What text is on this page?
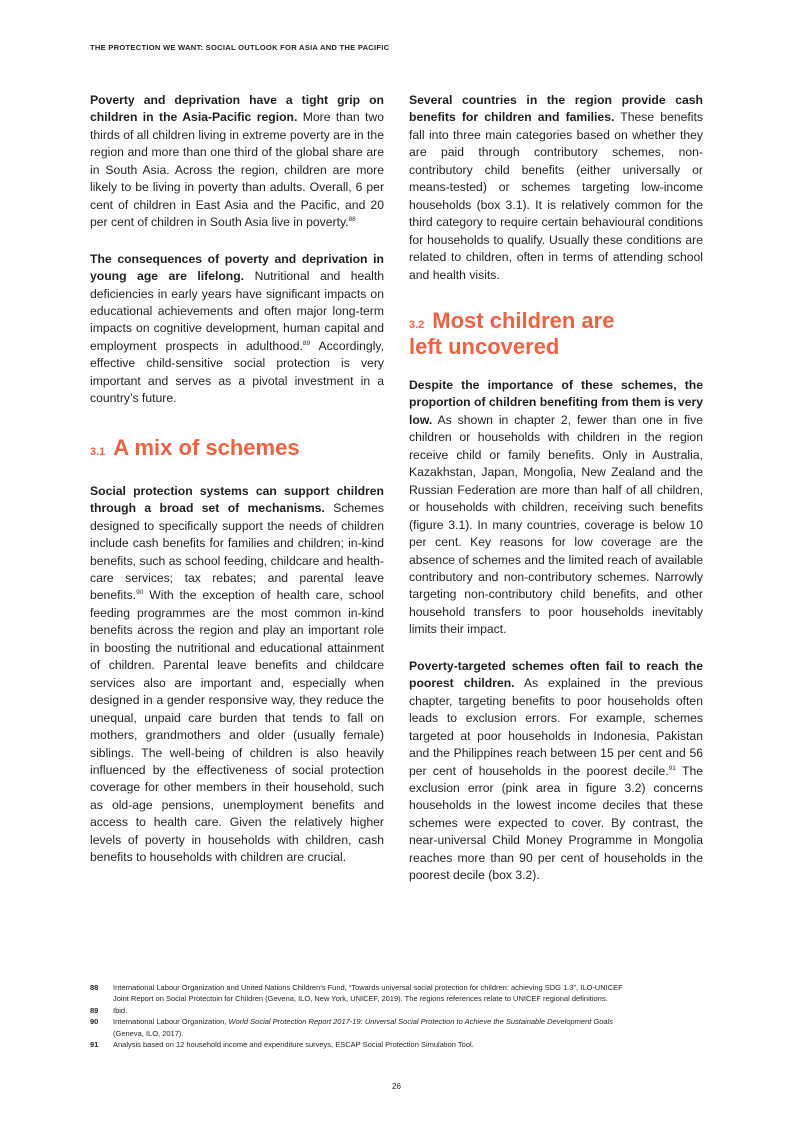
THE PROTECTION WE WANT: SOCIAL OUTLOOK FOR ASIA AND THE PACIFIC

Poverty and deprivation have a tight grip on children in the Asia-Pacific region. More than two thirds of all children living in extreme poverty are in the region and more than one third of the global share are in South Asia. Across the region, children are more likely to be living in poverty than adults. Overall, 6 per cent of children in East Asia and the Pacific, and 20 per cent of children in South Asia live in poverty.$^{88}$

The consequences of poverty and deprivation in young age are lifelong. Nutritional and health deficiencies in early years have significant impacts on educational achievements and often major long-term impacts on cognitive development, human capital and employment prospects in adulthood.$^{89}$ Accordingly, effective child-sensitive social protection is very important and serves as a pivotal investment in a country’s future.

3.1 A mix of schemes

Social protection systems can support children through a broad set of mechanisms. Schemes designed to specifically support the needs of children include cash benefits for families and children; in-kind benefits, such as school feeding, childcare and health-care services; tax rebates; and parental leave benefits.$^{90}$ With the exception of health care, school feeding programmes are the most common in-kind benefits across the region and play an important role in boosting the nutritional and educational attainment of children. Parental leave benefits and childcare services also are important and, especially when designed in a gender responsive way, they reduce the unequal, unpaid care burden that tends to fall on mothers, grandmothers and older (usually female) siblings. The well-being of children is also heavily influenced by the effectiveness of social protection coverage for other members in their household, such as old-age pensions, unemployment benefits and access to health care. Given the relatively higher levels of poverty in households with children, cash benefits to households with children are crucial.

Several countries in the region provide cash benefits for children and families. These benefits fall into three main categories based on whether they are paid through contributory schemes, non-contributory child benefits (either universally or means-tested) or schemes targeting low-income households (box 3.1). It is relatively common for the third category to require certain behavioural conditions for households to qualify. Usually these conditions are related to children, often in terms of attending school and health visits.

3.2 Most children are
left uncovered

Despite the importance of these schemes, the proportion of children benefiting from them is very low. As shown in chapter 2, fewer than one in five children or households with children in the region receive child or family benefits. Only in Australia, Kazakhstan, Japan, Mongolia, New Zealand and the Russian Federation are more than half of all children, or households with children, receiving such benefits (figure 3.1). In many countries, coverage is below 10 per cent. Key reasons for low coverage are the absence of schemes and the limited reach of available contributory and non-contributory schemes. Narrowly targeting non-contributory child benefits, and other household transfers to poor households inevitably limits their impact.

Poverty-targeted schemes often fail to reach the poorest children. As explained in the previous chapter, targeting benefits to poor households often leads to exclusion errors. For example, schemes targeted at poor households in Indonesia, Pakistan and the Philippines reach between 15 per cent and 56 per cent of households in the poorest decile.$^{91}$ The exclusion error (pink area in figure 3.2) concerns households in the lowest income deciles that these schemes were expected to cover. By contrast, the near-universal Child Money Programme in Mongolia reaches more than 90 per cent of households in the poorest decile (box 3.2).

88	International Labour Organization and United Nations Children’s Fund, “Towards universal social protection for children: achieving SDG 1.3”, ILO-UNICEF
Joint Report on Social Protectoin for Children (Gevena, ILO, New York, UNICEF, 2019). The regions references relate to UNICEF regional definitions.
89	Ibid.
90	International Labour Organization, World Social Protection Report 2017-19: Universal Social Protection to Achieve the Sustainable Development Goals
(Geneva, ILO, 2017).
91	Analysis based on 12 household income and expenditure surveys, ESCAP Social Protection Simulation Tool.
26
